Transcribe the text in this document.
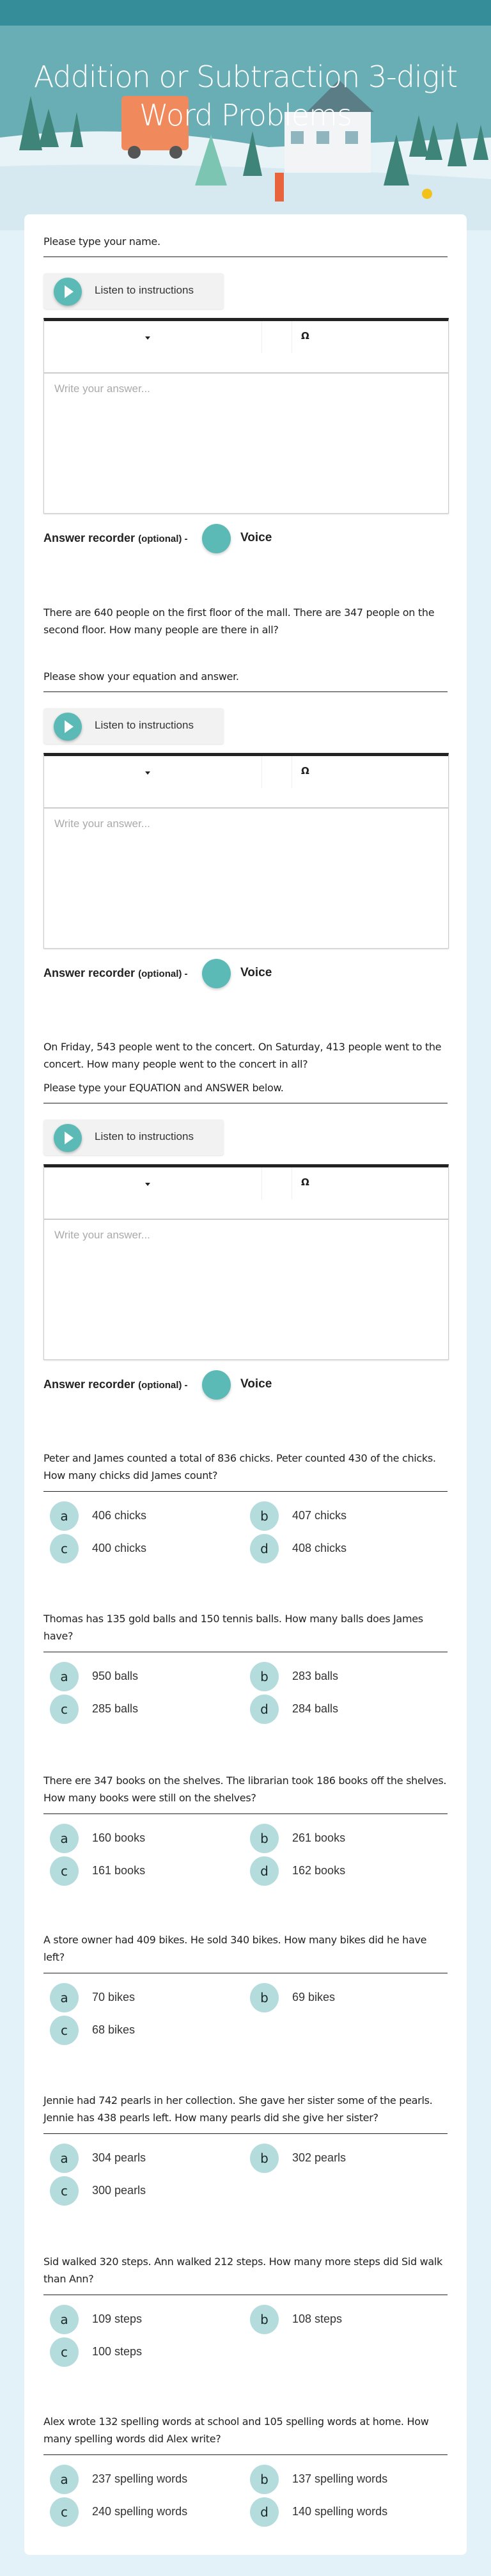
Addition or Subtraction 3-digit
Word Problems
Please type your name.
Listen to instructions
Ω
Write your answer...
Answer recorder (optional) -	Voice
There are 640 people on the first floor of the mall. There are 347 people on the second floor. How many people are there in all?
Please show your equation and answer.
Listen to instructions
Ω
Write your answer...
Answer recorder (optional) -	Voice
On Friday, 543 people went to the concert. On Saturday, 413 people went to the concert. How many people went to the concert in all?
Please type your EQUATION and ANSWER below.
Listen to instructions
Ω
Write your answer...
Answer recorder (optional) -	Voice
Peter and James counted a total of 836 chicks. Peter counted 430 of the chicks. How many chicks did James count?
a	406 chicks	b	407 chicks
c	400 chicks	d	408 chicks
Thomas has 135 gold balls and 150 tennis balls. How many balls does James have?
a	950 balls	b	283 balls
c	285 balls	d	284 balls
There ere 347 books on the shelves. The librarian took 186 books off the shelves. How many books were still on the shelves?
a	160 books	b	261 books
c	161 books	d	162 books
A store owner had 409 bikes. He sold 340 bikes. How many bikes did he have left?
a	70 bikes	b	69 bikes
c	68 bikes
Jennie had 742 pearls in her collection. She gave her sister some of the pearls. Jennie has 438 pearls left. How many pearls did she give her sister?
a	304 pearls	b	302 pearls
c	300 pearls
Sid walked 320 steps. Ann walked 212 steps. How many more steps did Sid walk than Ann?
a	109 steps	b	108 steps
c	100 steps
Alex wrote 132 spelling words at school and 105 spelling words at home. How many spelling words did Alex write?
a	237 spelling words	b	137 spelling words
c	240 spelling words	d	140 spelling words
